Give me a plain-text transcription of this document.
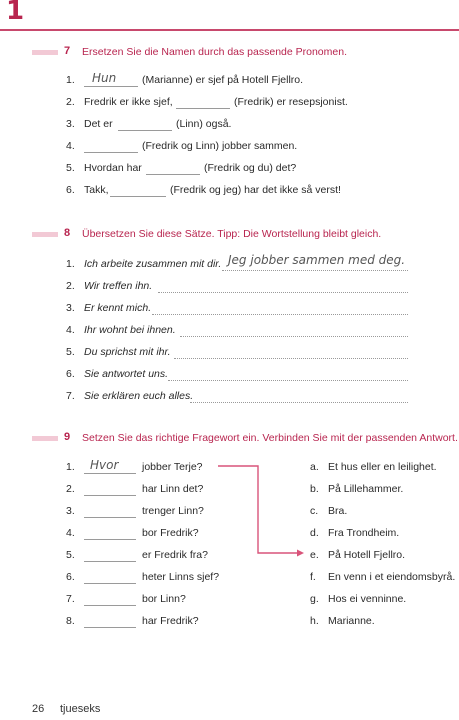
1
7 Ersetzen Sie die Namen durch das passende Pronomen.
1. Hun (Marianne) er sjef på Hotell Fjellro.
2. Fredrik er ikke sjef,	(Fredrik) er resepsjonist.
3. Det er	(Linn) også.
4.	(Fredrik og Linn) jobber sammen.
5. Hvordan har	(Fredrik og du) det?
6. Takk,	(Fredrik og jeg) har det ikke så verst!
8 Übersetzen Sie diese Sätze. Tipp: Die Wortstellung bleibt gleich.
1. Ich arbeite zusammen mit dir. Jeg jobber sammen med deg.
2. Wir treffen ihn.
3. Er kennt mich.
4. Ihr wohnt bei ihnen.
5. Du sprichst mit ihr.
6. Sie antwortet uns.
7. Sie erklären euch alles.
9 Setzen Sie das richtige Fragewort ein. Verbinden Sie mit der passenden Antwort.
1. Hvor jobber Terje?
2.	har Linn det?
3.	trenger Linn?
4.	bor Fredrik?
5.	er Fredrik fra?
6.	heter Linns sjef?
7.	bor Linn?
8.	har Fredrik?
a. Et hus eller en leilighet.
b. På Lillehammer.
c. Bra.
d. Fra Trondheim.
e. På Hotell Fjellro.
f. En venn i et eiendomsbyrå.
g. Hos ei venninne.
h. Marianne.
26 tjueseks
